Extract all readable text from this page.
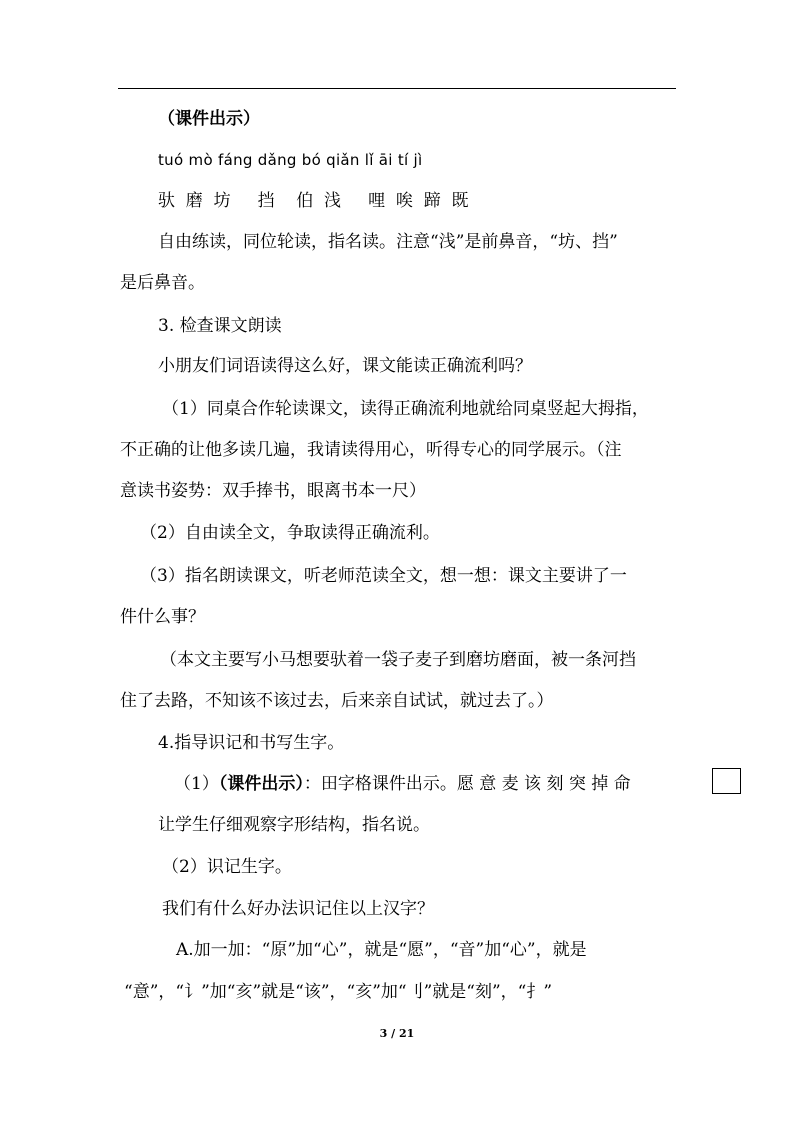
（课件出示）
tuó mò fáng dǎng bó qiǎn lǐ āi tí jì
驮  磨  坊     挡    伯  浅     哩  唉  蹄  既
自由练读，同位轮读，指名读。注意“浅”是前鼻音，“坊、挡”
是后鼻音。
3. 检查课文朗读
小朋友们词语读得这么好，课文能读正确流利吗？
（1）同桌合作轮读课文，读得正确流利地就给同桌竖起大拇指，
不正确的让他多读几遍，我请读得用心，听得专心的同学展示。（注
意读书姿势：双手捧书，眼离书本一尺）
（2）自由读全文，争取读得正确流利。
（3）指名朗读课文，听老师范读全文，想一想：课文主要讲了一
件什么事？
（本文主要写小马想要驮着一袋子麦子到磨坊磨面，被一条河挡
住了去路，不知该不该过去，后来亲自试试，就过去了。）
4.指导识记和书写生字。
（1）（课件出示）：田字格课件出示。愿 意 麦 该 刻 突 掉 命
让学生仔细观察字形结构，指名说。
（2）识记生字。
我们有什么好办法识记住以上汉字？
A.加一加：“原”加“心”，就是“愿”，“音”加“心”，就是
“意”，“讠”加“亥”就是“该”，“亥”加“刂”就是“刻”，“扌”
3 / 21
